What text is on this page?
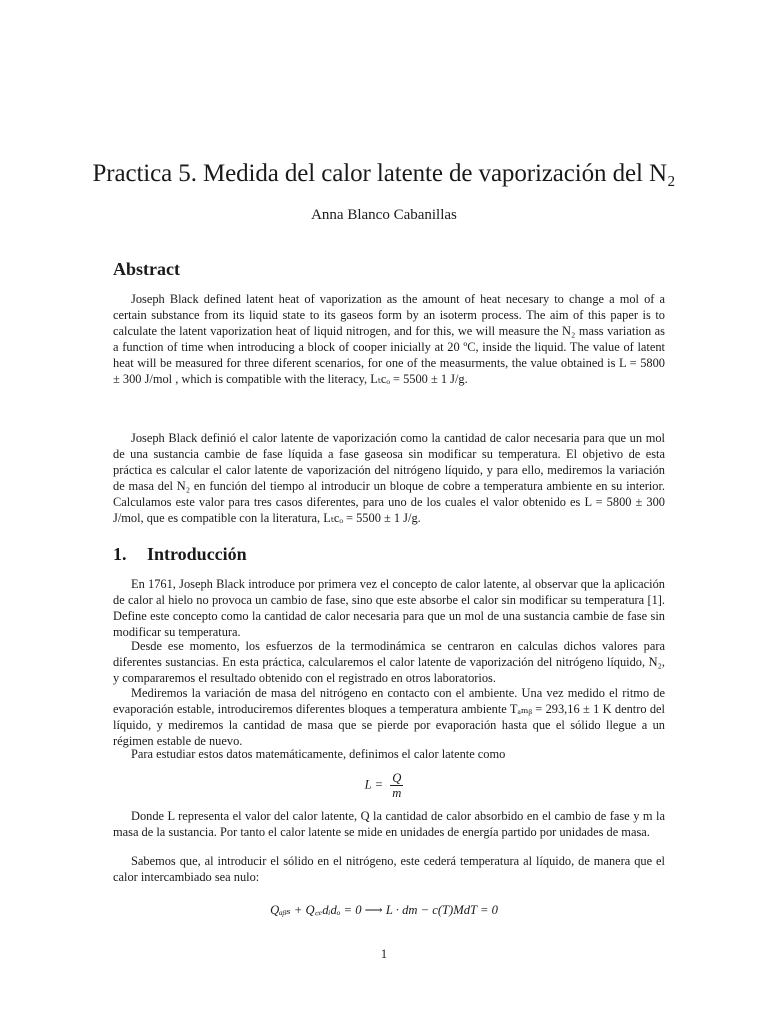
Practica 5. Medida del calor latente de vaporización del N₂
Anna Blanco Cabanillas
Abstract

Joseph Black defined latent heat of vaporization as the amount of heat necesary to change a mol of a certain substance from its liquid state to its gaseos form by an isoterm process. The aim of this paper is to calculate the latent vaporization heat of liquid nitrogen, and for this, we will measure the N₂ mass variation as a function of time when introducing a block of cooper inicially at 20 ºC, inside the liquid. The value of latent heat will be measured for three diferent scenarios, for one of the measurments, the value obtained is L = 5800 ± 300 J/mol , which is compatible with the literacy, Lₜcₒ = 5500 ± 1 J/g.

Joseph Black definió el calor latente de vaporización como la cantidad de calor necesaria para que un mol de una sustancia cambie de fase líquida a fase gaseosa sin modificar su temperatura. El objetivo de esta práctica es calcular el calor latente de vaporización del nitrógeno líquido, y para ello, mediremos la variación de masa del N₂ en función del tiempo al introducir un bloque de cobre a temperatura ambiente en su interior. Calculamos este valor para tres casos diferentes, para uno de los cuales el valor obtenido es L = 5800 ± 300 J/mol, que es compatible con la literatura, Lₜcₒ = 5500 ± 1 J/g.

1. Introducción

En 1761, Joseph Black introduce por primera vez el concepto de calor latente, al observar que la aplicación de calor al hielo no provoca un cambio de fase, sino que este absorbe el calor sin modificar su temperatura [1]. Define este concepto como la cantidad de calor necesaria para que un mol de una sustancia cambie de fase sin modificar su temperatura.

Desde ese momento, los esfuerzos de la termodinámica se centraron en calculas dichos valores para diferentes sustancias. En esta práctica, calcularemos el calor latente de vaporización del nitrógeno líquido, N₂, y compararemos el resultado obtenido con el registrado en otros laboratorios.

Mediremos la variación de masa del nitrógeno en contacto con el ambiente. Una vez medido el ritmo de evaporación estable, introduciremos diferentes bloques a temperatura ambiente Tₐₘᵦ = 293,16 ± 1 K dentro del líquido, y mediremos la cantidad de masa que se pierde por evaporación hasta que el sólido llegue a un régimen estable de nuevo.

Para estudiar estos datos matemáticamente, definimos el calor latente como

$L = \frac{Q}{m}$

Donde L representa el valor del calor latente, Q la cantidad de calor absorbido en el cambio de fase y m la masa de la sustancia. Por tanto el calor latente se mide en unidades de energía partido por unidades de masa.

Sabemos que, al introducir el sólido en el nitrógeno, este cederá temperatura al líquido, de manera que el calor intercambiado sea nulo:

Qₐᵦₛ + Q꜀ₑdᵢdₒ = 0 ⟶ L · dm − c(T)MdT = 0
1
